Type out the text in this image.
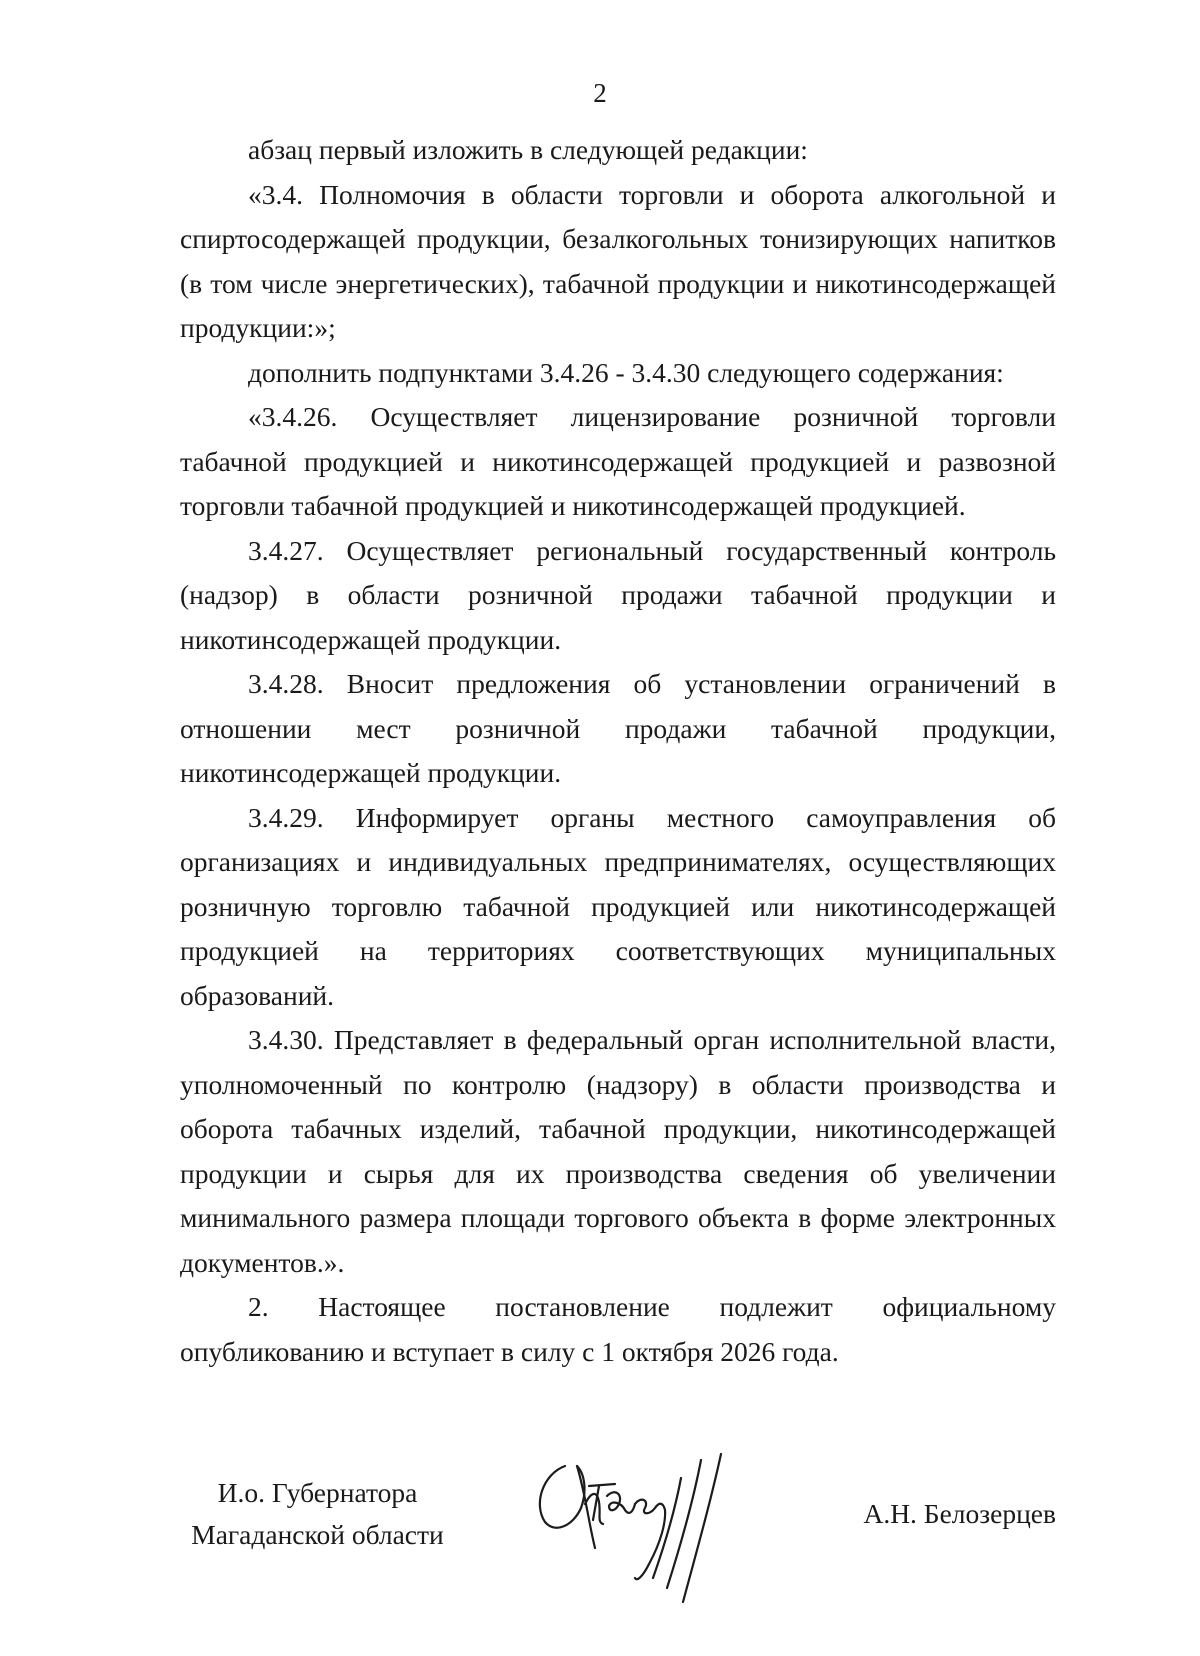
2

абзац первый изложить в следующей редакции:

«3.4. Полномочия в области торговли и оборота алкогольной и спиртосодержащей продукции, безалкогольных тонизирующих напитков (в том числе энергетических), табачной продукции и никотинсодержащей продукции:»;

дополнить подпунктами 3.4.26 - 3.4.30 следующего содержания:

«3.4.26. Осуществляет лицензирование розничной торговли табачной продукцией и никотинсодержащей продукцией и развозной торговли табачной продукцией и никотинсодержащей продукцией.

3.4.27. Осуществляет региональный государственный контроль (надзор) в области розничной продажи табачной продукции и никотинсодержащей продукции.

3.4.28. Вносит предложения об установлении ограничений в отношении мест розничной продажи табачной продукции, никотинсодержащей продукции.

3.4.29. Информирует органы местного самоуправления об организациях и индивидуальных предпринимателях, осуществляющих розничную торговлю табачной продукцией или никотинсодержащей продукцией на территориях соответствующих муниципальных образований.

3.4.30. Представляет в федеральный орган исполнительной власти, уполномоченный по контролю (надзору) в области производства и оборота табачных изделий, табачной продукции, никотинсодержащей продукции и сырья для их производства сведения об увеличении минимального размера площади торгового объекта в форме электронных документов.».

2. Настоящее постановление подлежит официальному опубликованию и вступает в силу с 1 октября 2026 года.

И.о. Губернатора
Магаданской области
А.Н. Белозерцев
